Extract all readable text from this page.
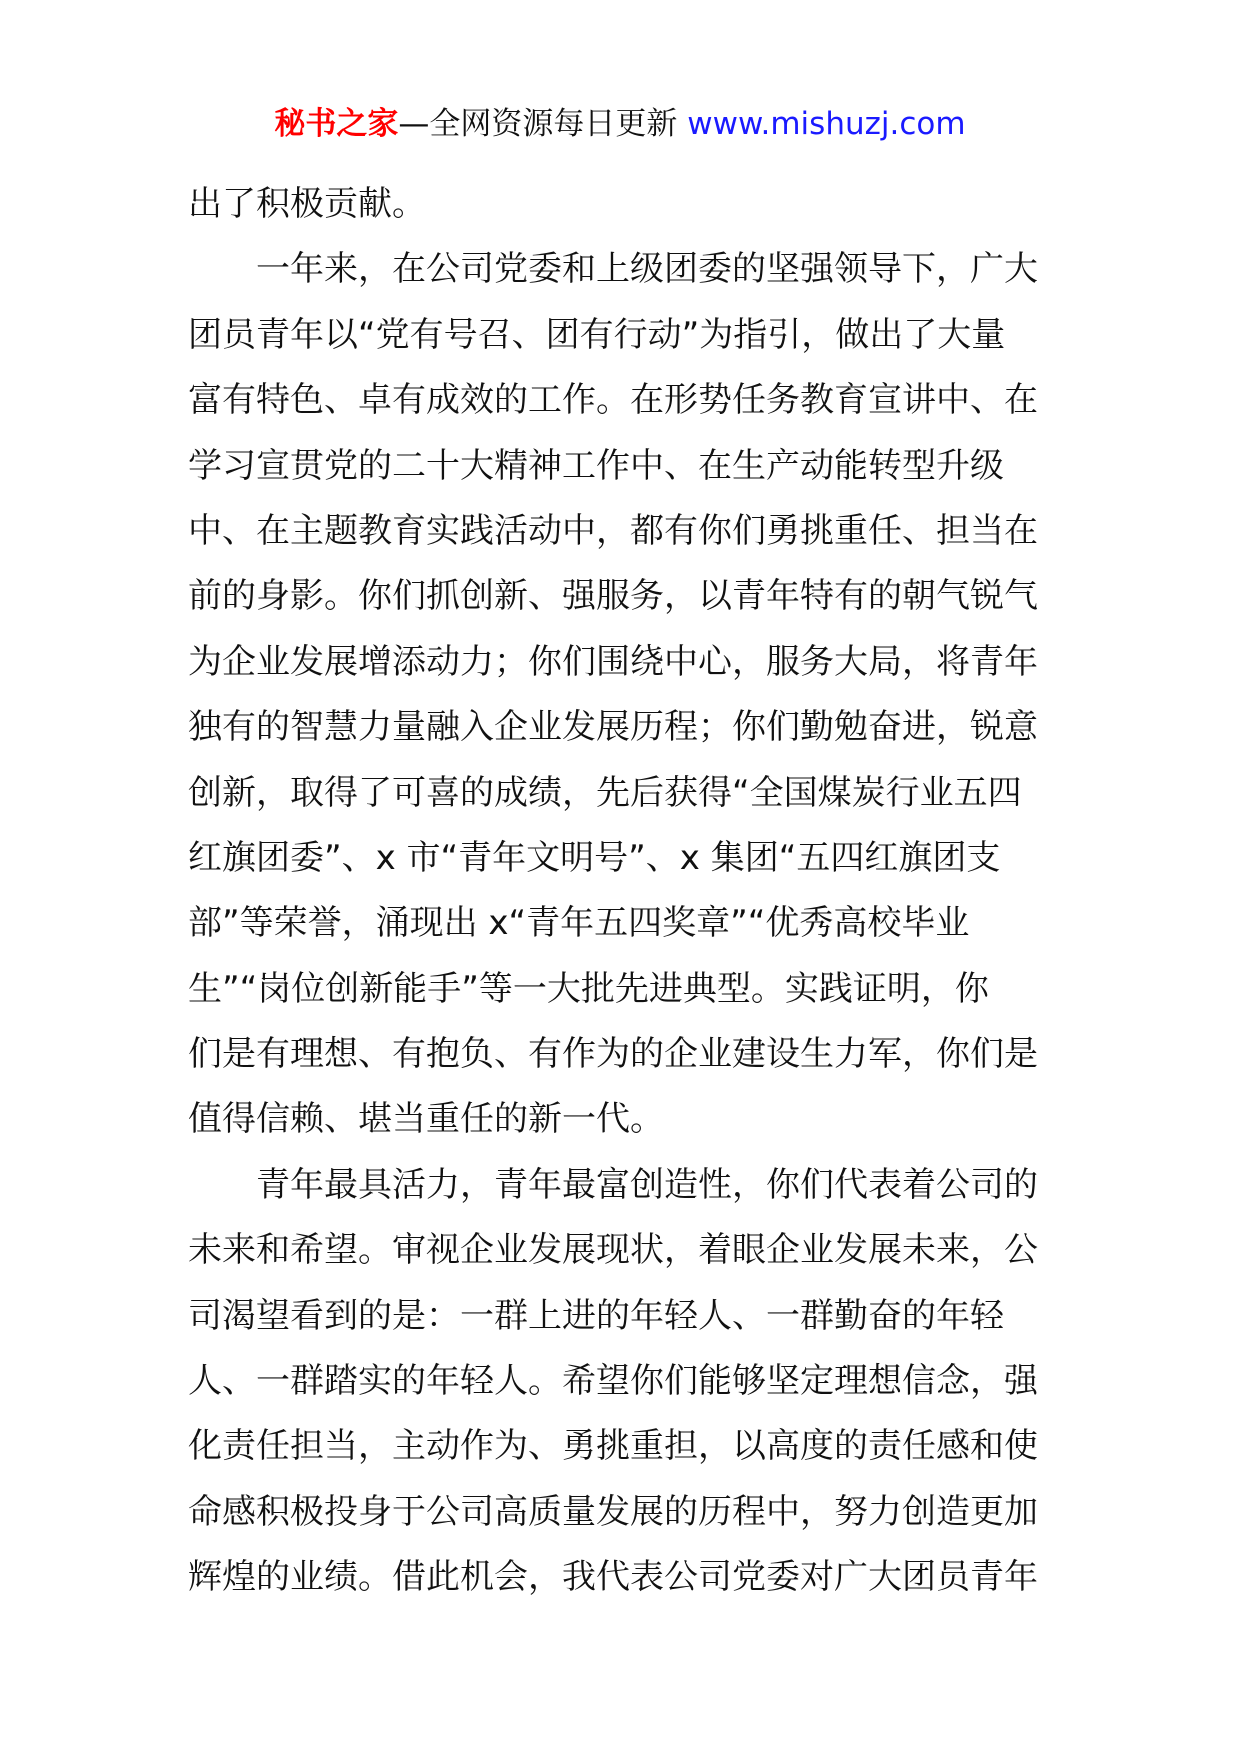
秘书之家—全网资源每日更新 www.mishuzj.com
出了积极贡献。
一年来，在公司党委和上级团委的坚强领导下，广大
团员青年以“党有号召、团有行动”为指引，做出了大量
富有特色、卓有成效的工作。在形势任务教育宣讲中、在
学习宣贯党的二十大精神工作中、在生产动能转型升级
中、在主题教育实践活动中，都有你们勇挑重任、担当在
前的身影。你们抓创新、强服务，以青年特有的朝气锐气
为企业发展增添动力；你们围绕中心，服务大局，将青年
独有的智慧力量融入企业发展历程；你们勤勉奋进，锐意
创新，取得了可喜的成绩，先后获得“全国煤炭行业五四
红旗团委”、x 市“青年文明号”、x 集团“五四红旗团支
部”等荣誉，涌现出 x“青年五四奖章”“优秀高校毕业
生”“岗位创新能手”等一大批先进典型。实践证明，你
们是有理想、有抱负、有作为的企业建设生力军，你们是
值得信赖、堪当重任的新一代。
青年最具活力，青年最富创造性，你们代表着公司的
未来和希望。审视企业发展现状，着眼企业发展未来，公
司渴望看到的是：一群上进的年轻人、一群勤奋的年轻
人、一群踏实的年轻人。希望你们能够坚定理想信念，强
化责任担当，主动作为、勇挑重担，以高度的责任感和使
命感积极投身于公司高质量发展的历程中，努力创造更加
辉煌的业绩。借此机会，我代表公司党委对广大团员青年
